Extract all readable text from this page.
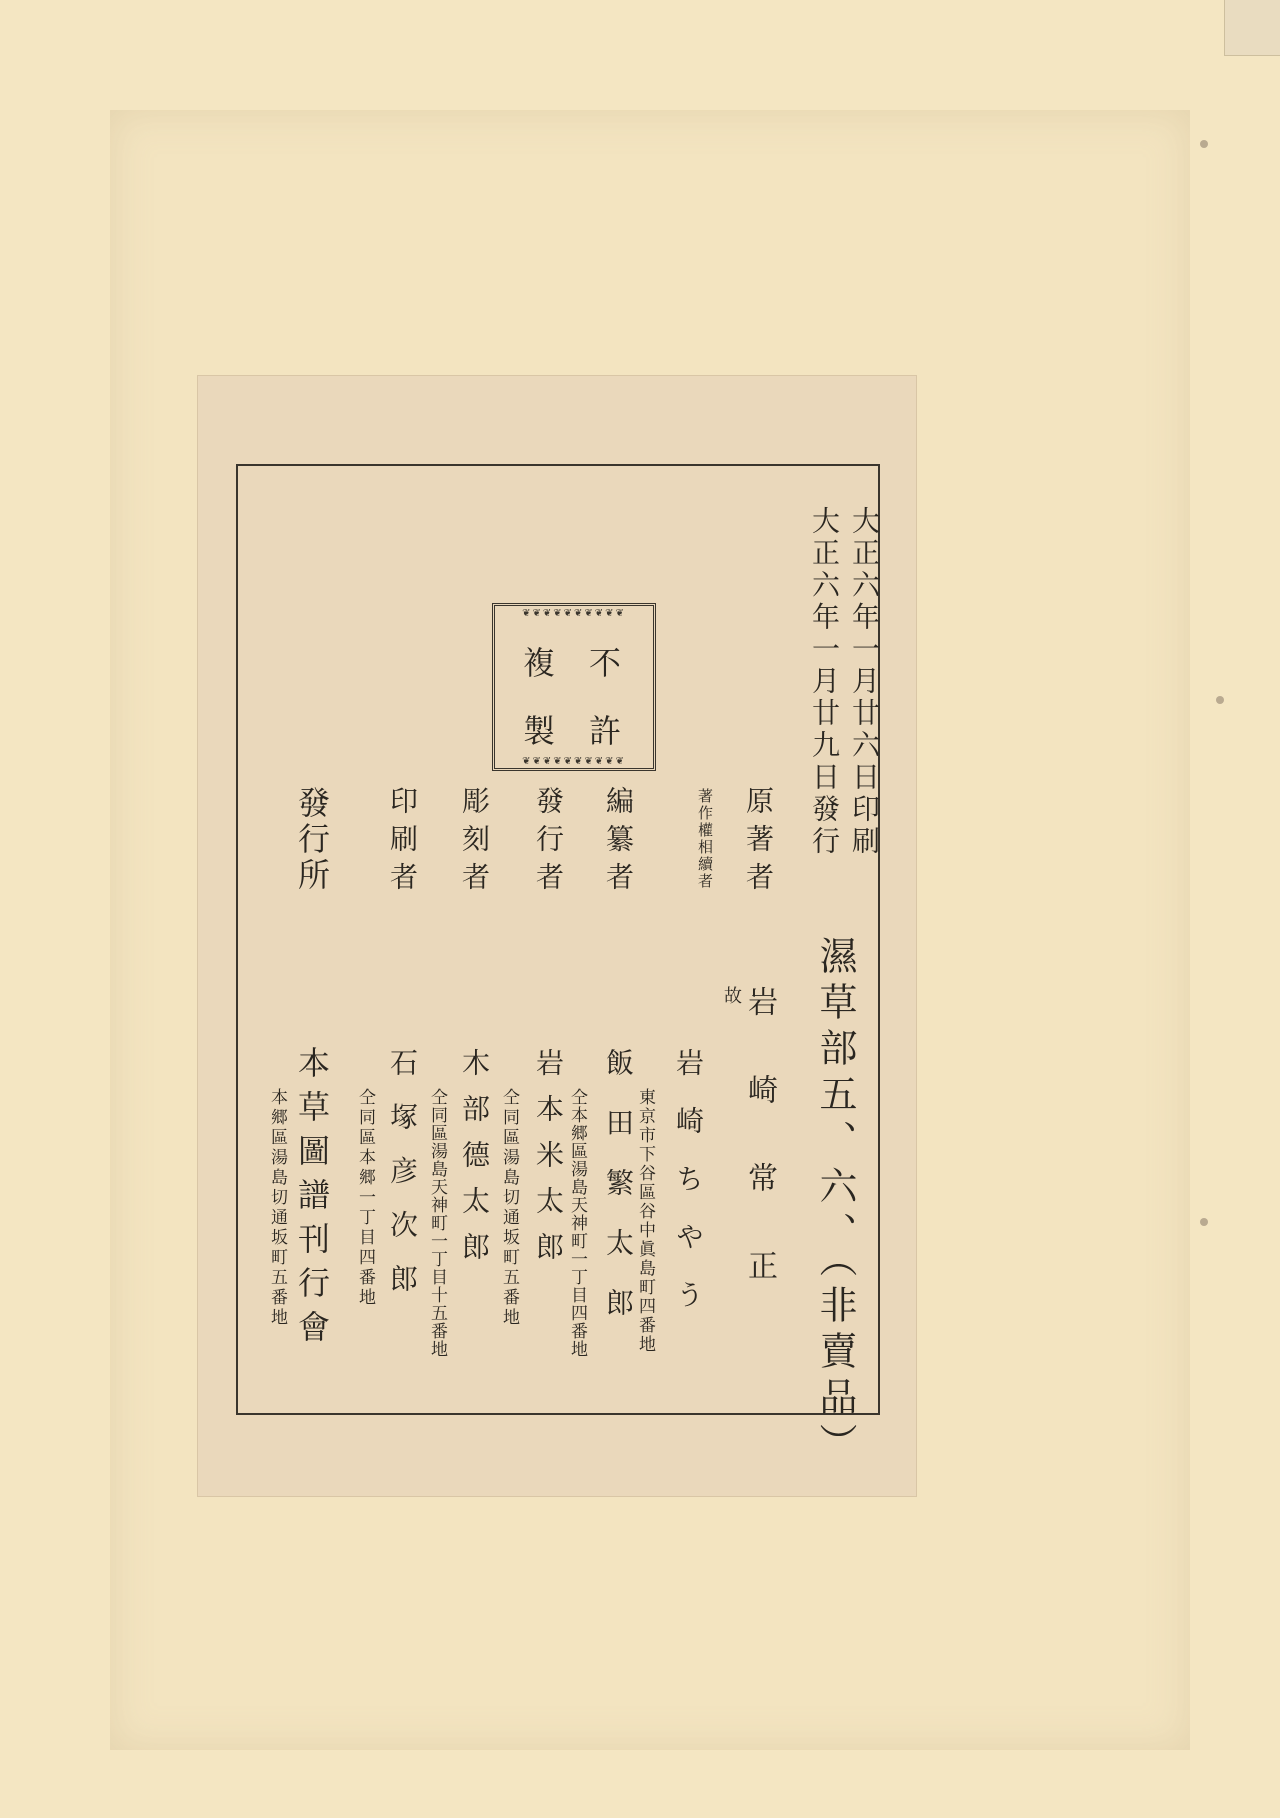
大正六年一月廿六日印刷
大正六年一月廿九日發行
濕草部五、六、（非賣品）
❦❦❦❦❦❦❦❦❦❦
❦❦❦❦❦❦❦❦❦❦
不
許
複
製
原著者
著作權相續者
編纂者
發行者
彫刻者
印刷者
發行所
故 岩崎常正
岩崎ちやう
東京市下谷區谷中眞島町四番地
飯田繁太郎
仝本郷區湯島天神町一丁目四番地
岩本米太郎
仝同區湯島切通坂町五番地
木部德太郎
仝同區湯島天神町一丁目十五番地
石塚彦次郎
仝同區本郷一丁目四番地
本草圖譜刊行會
本郷區湯島切通坂町五番地
